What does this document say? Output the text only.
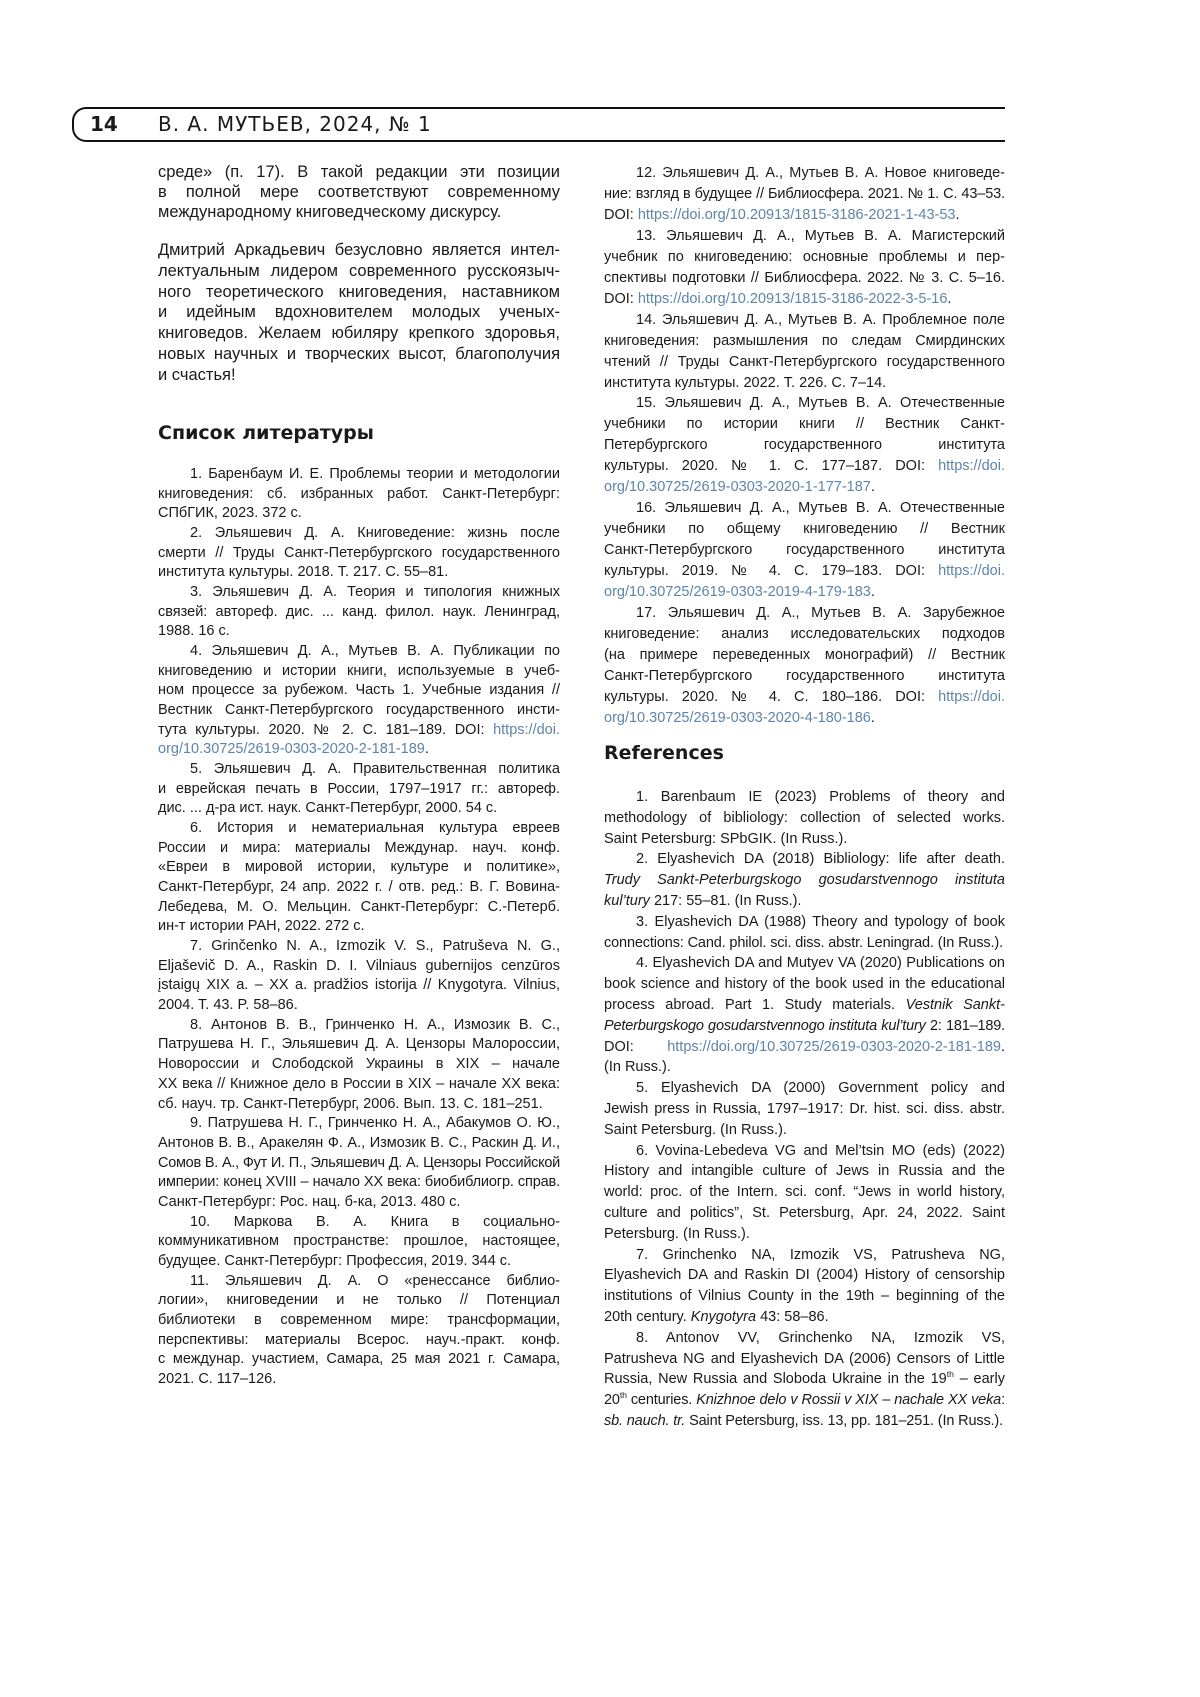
14 В. А. МУТЬЕВ, 2024, № 1
среде» (п. 17). В такой редакции эти позиции
в полной мере соответствуют современному
международному книговедческому дискурсу.
Дмитрий Аркадьевич безусловно является интел-
лектуальным лидером современного русскоязыч-
ного теоретического книговедения, наставником
и идейным вдохновителем молодых ученых-
книговедов. Желаем юбиляру крепкого здоровья,
новых научных и творческих высот, благополучия
и счастья!
Список литературы
1. Баренбаум И. Е. Проблемы теории и методологии
книговедения: сб. избранных работ. Санкт-Петербург:
СПбГИК, 2023. 372 с.
2. Эльяшевич Д. А. Книговедение: жизнь после
смерти // Труды Санкт-Петербургского государственного
института культуры. 2018. Т. 217. С. 55–81.
3. Эльяшевич Д. А. Теория и типология книжных
связей: автореф. дис. ... канд. филол. наук. Ленинград,
1988. 16 с.
4. Эльяшевич Д. А., Мутьев В. А. Публикации по
книговедению и истории книги, используемые в учеб-
ном процессе за рубежом. Часть 1. Учебные издания //
Вестник Санкт-Петербургского государственного инсти-
тута культуры. 2020. № 2. С. 181–189. DOI: https://doi.
org/10.30725/2619-0303-2020-2-181-189.
5. Эльяшевич Д. А. Правительственная политика
и еврейская печать в России, 1797–1917 гг.: автореф.
дис. ... д-ра ист. наук. Санкт-Петербург, 2000. 54 с.
6. История и нематериальная культура евреев
России и мира: материалы Междунар. науч. конф.
«Евреи в мировой истории, культуре и политике»,
Санкт-Петербург, 24 апр. 2022 г. / отв. ред.: В. Г. Вовина-
Лебедева, М. О. Мельцин. Санкт-Петербург: С.-Петерб.
ин-т истории РАН, 2022. 272 с.
7. Grinčenko N. A., Izmozik V. S., Patruševa N. G.,
Eljaševič D. A., Raskin D. I. Vilniaus gubernijos cenzūros
įstaigų XIX a. – XX a. pradžios istorija // Knygotyra. Vilnius,
2004. T. 43. P. 58–86.
8. Антонов В. В., Гринченко Н. А., Измозик В. С.,
Патрушева Н. Г., Эльяшевич Д. А. Цензоры Малороссии,
Новороссии и Слободской Украины в XIX – начале
XX века // Книжное дело в России в XIX – начале XX века:
сб. науч. тр. Санкт-Петербург, 2006. Вып. 13. С. 181–251.
9. Патрушева Н. Г., Гринченко Н. А., Абакумов О. Ю.,
Антонов В. В., Аракелян Ф. А., Измозик В. С., Раскин Д. И.,
Сомов В. А., Фут И. П., Эльяшевич Д. А. Цензоры Российской
империи: конец XVIII – начало XX века: биобиблиогр. справ.
Санкт-Петербург: Рос. нац. б-ка, 2013. 480 с.
10. Маркова В. А. Книга в социально-
коммуникативном пространстве: прошлое, настоящее,
будущее. Санкт-Петербург: Профессия, 2019. 344 с.
11. Эльяшевич Д. А. О «ренессансе библио-
логии», книговедении и не только // Потенциал
библиотеки в современном мире: трансформации,
перспективы: материалы Всерос. науч.-практ. конф.
с междунар. участием, Самара, 25 мая 2021 г. Самара,
2021. С. 117–126.
12. Эльяшевич Д. А., Мутьев В. А. Новое книговеде-
ние: взгляд в будущее // Библиосфера. 2021. № 1. С. 43–53.
DOI: https://doi.org/10.20913/1815-3186-2021-1-43-53.
13. Эльяшевич Д. А., Мутьев В. А. Магистерский
учебник по книговедению: основные проблемы и пер-
спективы подготовки // Библиосфера. 2022. № 3. С. 5–16.
DOI: https://doi.org/10.20913/1815-3186-2022-3-5-16.
14. Эльяшевич Д. А., Мутьев В. А. Проблемное поле
книговедения: размышления по следам Смирдинских
чтений // Труды Санкт-Петербургского государственного
института культуры. 2022. Т. 226. С. 7–14.
15. Эльяшевич Д. А., Мутьев В. А. Отечественные
учебники по истории книги // Вестник Санкт-
Петербургского государственного института
культуры. 2020. № 1. С. 177–187. DOI: https://doi.
org/10.30725/2619-0303-2020-1-177-187.
16. Эльяшевич Д. А., Мутьев В. А. Отечественные
учебники по общему книговедению // Вестник
Санкт-Петербургского государственного института
культуры. 2019. № 4. С. 179–183. DOI: https://doi.
org/10.30725/2619-0303-2019-4-179-183.
17. Эльяшевич Д. А., Мутьев В. А. Зарубежное
книговедение: анализ исследовательских подходов
(на примере переведенных монографий) // Вестник
Санкт-Петербургского государственного института
культуры. 2020. № 4. С. 180–186. DOI: https://doi.
org/10.30725/2619-0303-2020-4-180-186.
References
1. Barenbaum IE (2023) Problems of theory and
methodology of bibliology: collection of selected works.
Saint Petersburg: SPbGIK. (In Russ.).
2. Elyashevich DA (2018) Bibliology: life after death.
Trudy Sankt-Peterburgskogo gosudarstvennogo instituta
kul’tury 217: 55–81. (In Russ.).
3. Elyashevich DA (1988) Theory and typology of book
connections: Cand. philol. sci. diss. abstr. Leningrad. (In Russ.).
4. Elyashevich DA and Mutyev VA (2020) Publications on
book science and history of the book used in the educational
process abroad. Part 1. Study materials. Vestnik Sankt-
Peterburgskogo gosudarstvennogo instituta kul’tury 2: 181–189.
DOI: https://doi.org/10.30725/2619-0303-2020-2-181-189.
(In Russ.).
5. Elyashevich DA (2000) Government policy and
Jewish press in Russia, 1797–1917: Dr. hist. sci. diss. abstr.
Saint Petersburg. (In Russ.).
6. Vovina-Lebedeva VG and Mel’tsin MO (eds) (2022)
History and intangible culture of Jews in Russia and the
world: proc. of the Intern. sci. conf. “Jews in world history,
culture and politics”, St. Petersburg, Apr. 24, 2022. Saint
Petersburg. (In Russ.).
7. Grinchenko NA, Izmozik VS, Patrusheva NG,
Elyashevich DA and Raskin DI (2004) History of censorship
institutions of Vilnius County in the 19th – beginning of the
20th century. Knygotyra 43: 58–86.
8. Antonov VV, Grinchenko NA, Izmozik VS,
Patrusheva NG and Elyashevich DA (2006) Censors of Little
Russia, New Russia and Sloboda Ukraine in the 19th – early
20th centuries. Knizhnoe delo v Rossii v XIX – nachale XX veka:
sb. nauch. tr. Saint Petersburg, iss. 13, pp. 181–251. (In Russ.).
